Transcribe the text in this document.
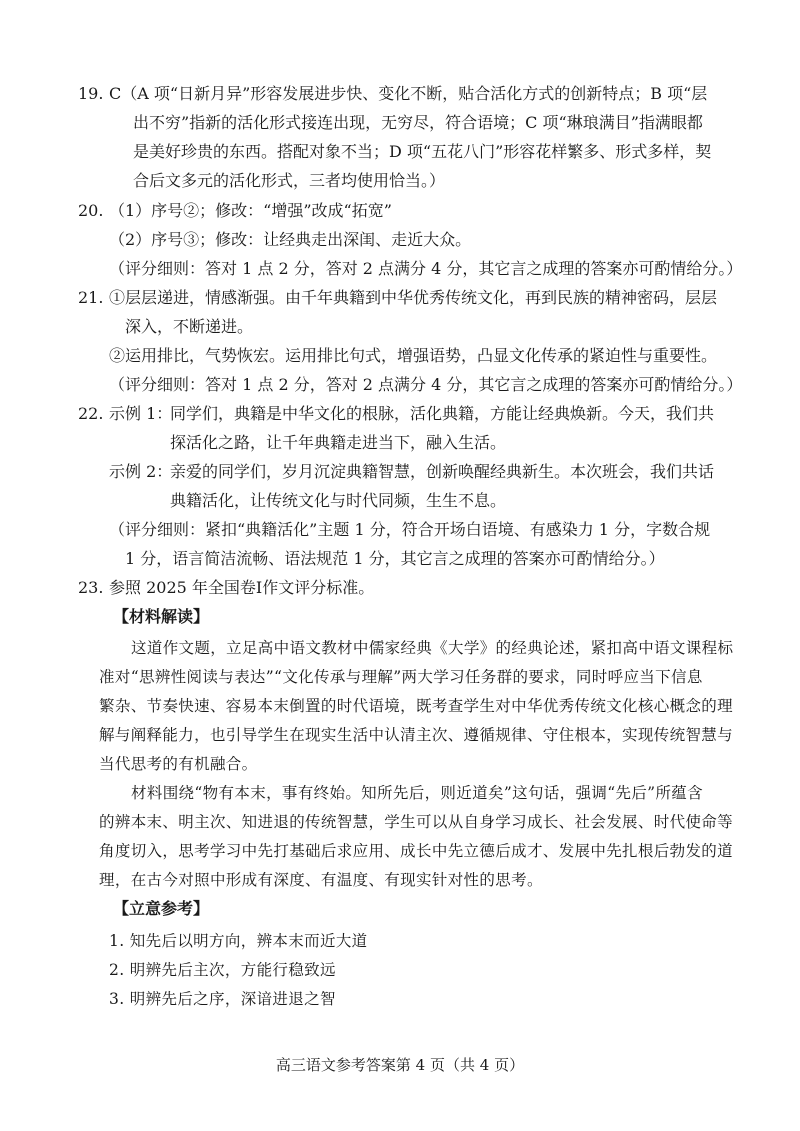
19. C（A 项“日新月异”形容发展进步快、变化不断，贴合活化方式的创新特点；B 项“层
出不穷”指新的活化形式接连出现，无穷尽，符合语境；C 项“琳琅满目”指满眼都
是美好珍贵的东西。搭配对象不当；D 项“五花八门”形容花样繁多、形式多样，契
合后文多元的活化形式，三者均使用恰当。）
20. （1）序号②；修改：“增强”改成“拓宽”
（2）序号③；修改：让经典走出深闺、走近大众。
（评分细则：答对 1 点 2 分，答对 2 点满分 4 分，其它言之成理的答案亦可酌情给分。）
21. ①层层递进，情感渐强。由千年典籍到中华优秀传统文化，再到民族的精神密码，层层
深入，不断递进。
②运用排比，气势恢宏。运用排比句式，增强语势，凸显文化传承的紧迫性与重要性。
（评分细则：答对 1 点 2 分，答对 2 点满分 4 分，其它言之成理的答案亦可酌情给分。）
22. 示例 1：同学们，典籍是中华文化的根脉，活化典籍，方能让经典焕新。今天，我们共
探活化之路，让千年典籍走进当下，融入生活。
示例 2：亲爱的同学们，岁月沉淀典籍智慧，创新唤醒经典新生。本次班会，我们共话
典籍活化，让传统文化与时代同频，生生不息。
（评分细则：紧扣“典籍活化”主题 1 分，符合开场白语境、有感染力 1 分，字数合规
1 分，语言简洁流畅、语法规范 1 分，其它言之成理的答案亦可酌情给分。）
23. 参照 2025 年全国卷Ⅰ作文评分标准。
【材料解读】
这道作文题，立足高中语文教材中儒家经典《大学》的经典论述，紧扣高中语文课程标
准对“思辨性阅读与表达”“文化传承与理解”两大学习任务群的要求，同时呼应当下信息
繁杂、节奏快速、容易本末倒置的时代语境，既考查学生对中华优秀传统文化核心概念的理
解与阐释能力，也引导学生在现实生活中认清主次、遵循规律、守住根本，实现传统智慧与
当代思考的有机融合。
材料围绕“物有本末，事有终始。知所先后，则近道矣”这句话，强调“先后”所蕴含
的辨本末、明主次、知进退的传统智慧，学生可以从自身学习成长、社会发展、时代使命等
角度切入，思考学习中先打基础后求应用、成长中先立德后成才、发展中先扎根后勃发的道
理，在古今对照中形成有深度、有温度、有现实针对性的思考。
【立意参考】
1. 知先后以明方向，辨本末而近大道
2. 明辨先后主次，方能行稳致远
3. 明辨先后之序，深谙进退之智
高三语文参考答案第 4 页（共 4 页）
